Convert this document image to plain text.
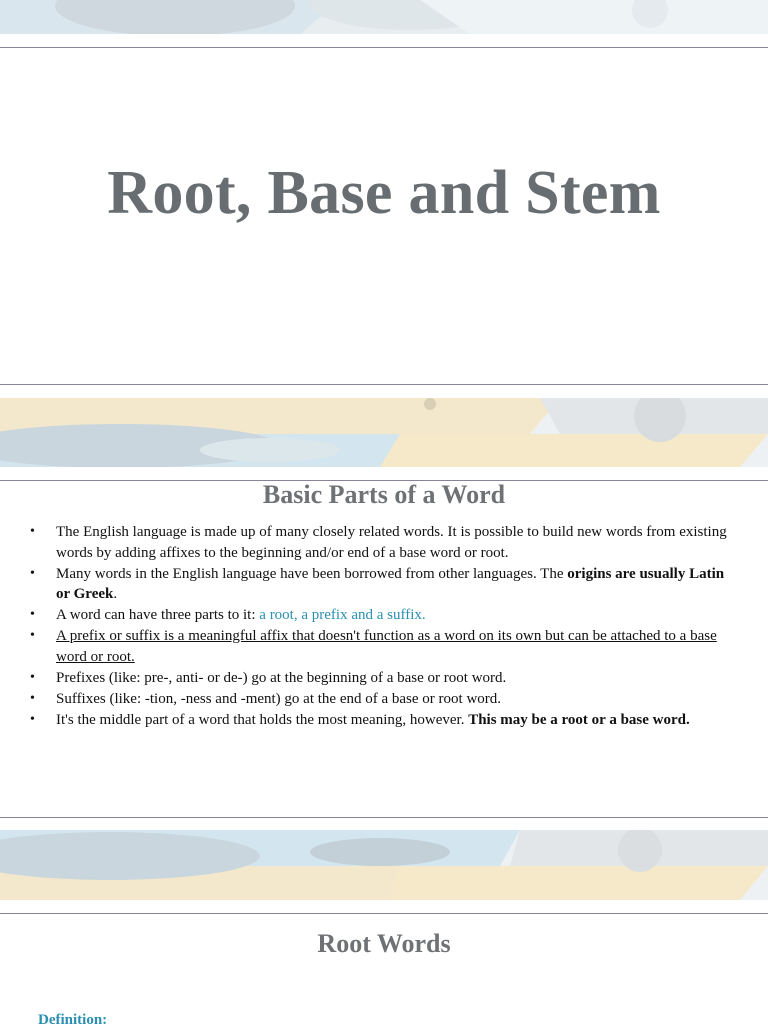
Root, Base and Stem
Basic Parts of a Word
• The English language is made up of many closely related words. It is possible to build new words from existing words by adding affixes to the beginning and/or end of a base word or root.
• Many words in the English language have been borrowed from other languages. The origins are usually Latin or Greek.
• A word can have three parts to it: a root, a prefix and a suffix.
• A prefix or suffix is a meaningful affix that doesn't function as a word on its own but can be attached to a base word or root.
• Prefixes (like: pre-, anti- or de-) go at the beginning of a base or root word.
• Suffixes (like: -tion, -ness and -ment) go at the end of a base or root word.
• It's the middle part of a word that holds the most meaning, however. This may be a root or a base word.
Root Words
Definition:
